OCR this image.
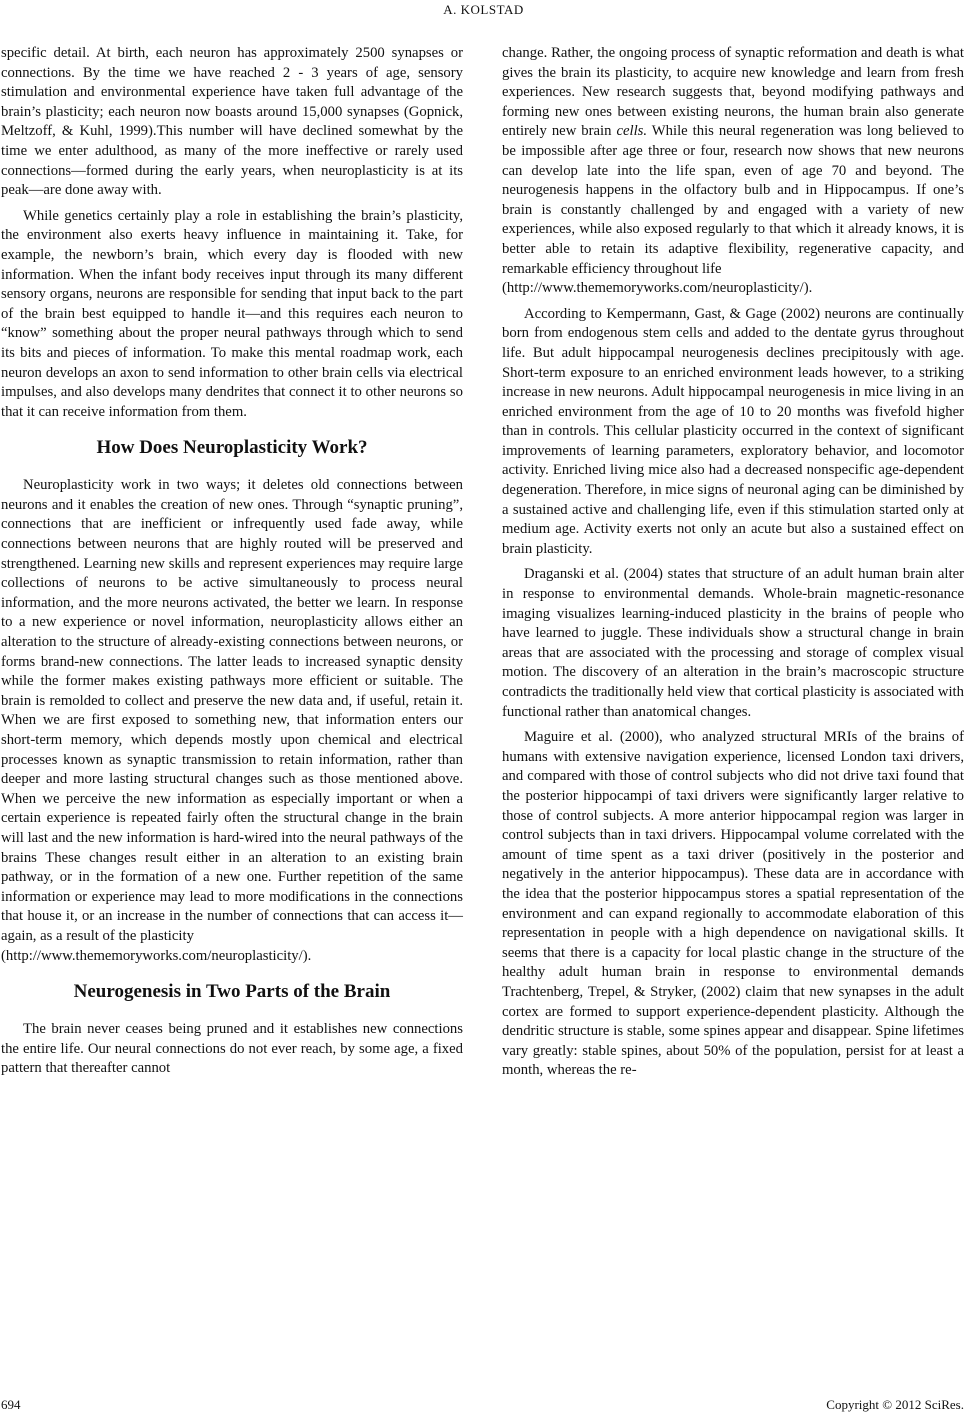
A. KOLSTAD

specific detail. At birth, each neuron has approximately 2500 synapses or connections. By the time we have reached 2 - 3 years of age, sensory stimulation and environmental experience have taken full advantage of the brain’s plasticity; each neuron now boasts around 15,000 synapses (Gopnick, Meltzoff, & Kuhl, 1999).This number will have declined somewhat by the time we enter adulthood, as many of the more ineffective or rarely used connections—formed during the early years, when neuroplasticity is at its peak—are done away with.

While genetics certainly play a role in establishing the brain’s plasticity, the environment also exerts heavy influence in maintaining it. Take, for example, the newborn’s brain, which every day is flooded with new information. When the infant body receives input through its many different sensory organs, neurons are responsible for sending that input back to the part of the brain best equipped to handle it—and this requires each neuron to “know” something about the proper neural pathways through which to send its bits and pieces of information. To make this mental roadmap work, each neuron develops an axon to send information to other brain cells via electrical impulses, and also develops many dendrites that connect it to other neurons so that it can receive information from them.

How Does Neuroplasticity Work?

Neuroplasticity work in two ways; it deletes old connections between neurons and it enables the creation of new ones. Through “synaptic pruning”, connections that are inefficient or infrequently used fade away, while connections between neurons that are highly routed will be preserved and strengthened. Learning new skills and represent experiences may require large collections of neurons to be active simultaneously to process neural information, and the more neurons activated, the better we learn. In response to a new experience or novel information, neuroplasticity allows either an alteration to the structure of already-existing connections between neurons, or forms brand-new connections. The latter leads to increased synaptic density while the former makes existing pathways more efficient or suitable. The brain is remolded to collect and preserve the new data and, if useful, retain it. When we are first exposed to something new, that information enters our short-term memory, which depends mostly upon chemical and electrical processes known as synaptic transmission to retain information, rather than deeper and more lasting structural changes such as those mentioned above. When we perceive the new information as especially important or when a certain experience is repeated fairly often the structural change in the brain will last and the new information is hard-wired into the neural pathways of the brains These changes result either in an alteration to an existing brain pathway, or in the formation of a new one. Further repetition of the same information or experience may lead to more modifications in the connections that house it, or an increase in the number of connections that can access it—again, as a result of the plasticity

(http://www.thememoryworks.com/neuroplasticity/).

Neurogenesis in Two Parts of the Brain

The brain never ceases being pruned and it establishes new connections the entire life. Our neural connections do not ever reach, by some age, a fixed pattern that thereafter cannot

change. Rather, the ongoing process of synaptic reformation and death is what gives the brain its plasticity, to acquire new knowledge and learn from fresh experiences. New research suggests that, beyond modifying pathways and forming new ones between existing neurons, the human brain also generate entirely new brain cells. While this neural regeneration was long believed to be impossible after age three or four, research now shows that new neurons can develop late into the life span, even of age 70 and beyond. The neurogenesis happens in the olfactory bulb and in Hippocampus. If one’s brain is constantly challenged by and engaged with a variety of new experiences, while also exposed regularly to that which it already knows, it is better able to retain its adaptive flexibility, regenerative capacity, and remarkable efficiency throughout life

(http://www.thememoryworks.com/neuroplasticity/).

According to Kempermann, Gast, & Gage (2002) neurons are continually born from endogenous stem cells and added to the dentate gyrus throughout life. But adult hippocampal neurogenesis declines precipitously with age. Short-term exposure to an enriched environment leads however, to a striking increase in new neurons. Adult hippocampal neurogenesis in mice living in an enriched environment from the age of 10 to 20 months was fivefold higher than in controls. This cellular plasticity occurred in the context of significant improvements of learning parameters, exploratory behavior, and locomotor activity. Enriched living mice also had a decreased nonspecific age-dependent degeneration. Therefore, in mice signs of neuronal aging can be diminished by a sustained active and challenging life, even if this stimulation started only at medium age. Activity exerts not only an acute but also a sustained effect on brain plasticity.

Draganski et al. (2004) states that structure of an adult human brain alter in response to environmental demands. Whole-brain magnetic-resonance imaging visualizes learning-induced plasticity in the brains of people who have learned to juggle. These individuals show a structural change in brain areas that are associated with the processing and storage of complex visual motion. The discovery of an alteration in the brain’s macroscopic structure contradicts the traditionally held view that cortical plasticity is associated with functional rather than anatomical changes.

Maguire et al. (2000), who analyzed structural MRIs of the brains of humans with extensive navigation experience, licensed London taxi drivers, and compared with those of control subjects who did not drive taxi found that the posterior hippocampi of taxi drivers were significantly larger relative to those of control subjects. A more anterior hippocampal region was larger in control subjects than in taxi drivers. Hippocampal volume correlated with the amount of time spent as a taxi driver (positively in the posterior and negatively in the anterior hippocampus). These data are in accordance with the idea that the posterior hippocampus stores a spatial representation of the environment and can expand regionally to accommodate elaboration of this representation in people with a high dependence on navigational skills. It seems that there is a capacity for local plastic change in the structure of the healthy adult human brain in response to environmental demands Trachtenberg, Trepel, & Stryker, (2002) claim that new synapses in the adult cortex are formed to support experience-dependent plasticity. Although the dendritic structure is stable, some spines appear and disappear. Spine lifetimes vary greatly: stable spines, about 50% of the population, persist for at least a month, whereas the re-

694	Copyright © 2012 SciRes.
